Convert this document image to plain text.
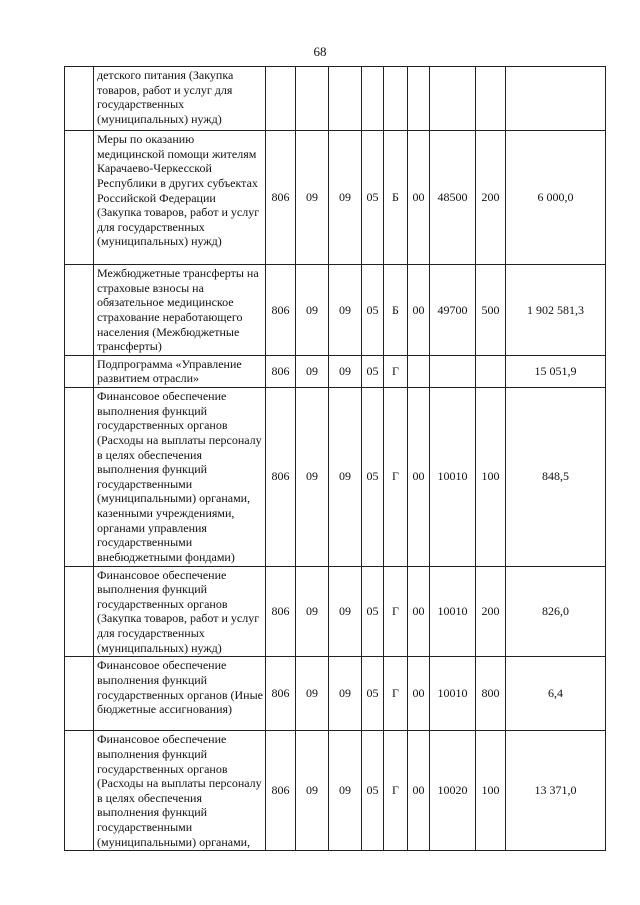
68
	детского питания (Закупка товаров, работ и услуг для государственных (муниципальных) нужд)									
	Меры по оказанию медицинской помощи жителям Карачаево-Черкесской Республики в других субъектах Российской Федерации (Закупка товаров, работ и услуг для государственных (муниципальных) нужд)	806	09	09	05	Б	00	48500	200	6 000,0
	Межбюджетные трансферты на страховые взносы на обязательное медицинское страхование неработающего населения (Межбюджетные трансферты)	806	09	09	05	Б	00	49700	500	1 902 581,3
	Подпрограмма «Управление развитием отрасли»	806	09	09	05	Г				15 051,9
	Финансовое обеспечение выполнения функций государственных органов (Расходы на выплаты персоналу в целях обеспечения выполнения функций государственными (муниципальными) органами, казенными учреждениями, органами управления государственными внебюджетными фондами)	806	09	09	05	Г	00	10010	100	848,5
	Финансовое обеспечение выполнения функций государственных органов (Закупка товаров, работ и услуг для государственных (муниципальных) нужд)	806	09	09	05	Г	00	10010	200	826,0
	Финансовое обеспечение выполнения функций государственных органов (Иные бюджетные ассигнования)	806	09	09	05	Г	00	10010	800	6,4
	Финансовое обеспечение выполнения функций государственных органов (Расходы на выплаты персоналу в целях обеспечения выполнения функций государственными (муниципальными) органами,	806	09	09	05	Г	00	10020	100	13 371,0
